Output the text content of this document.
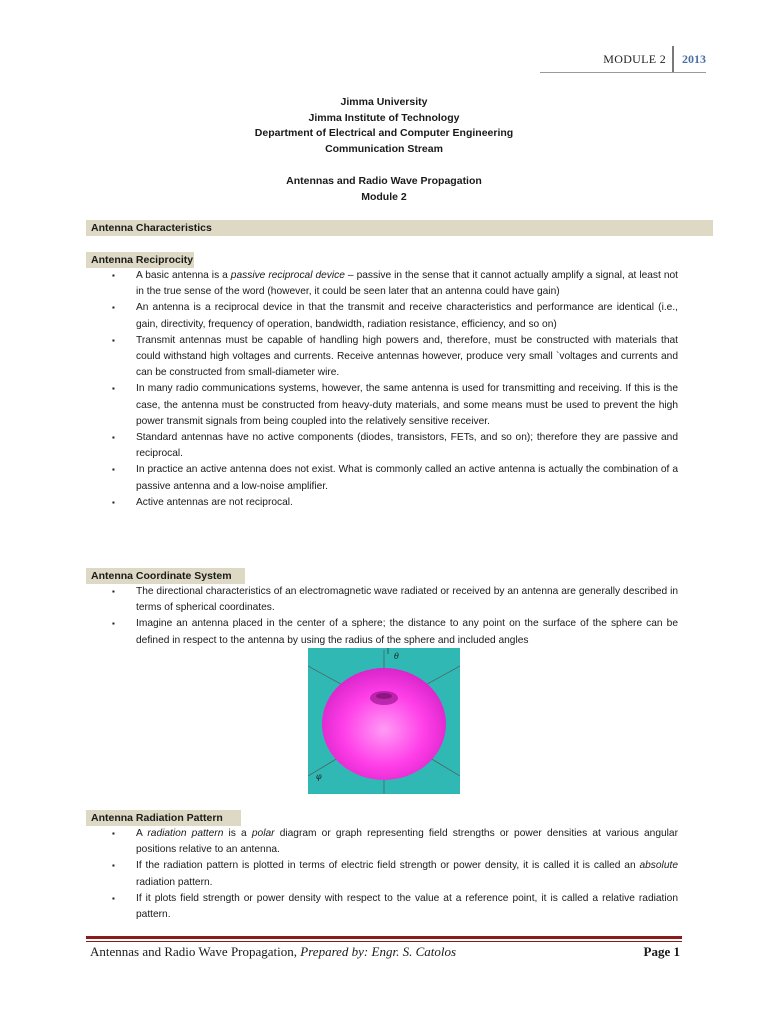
MODULE 2	2013
Jimma University
Jimma Institute of Technology
Department of Electrical and Computer Engineering
Communication Stream
Antennas and Radio Wave Propagation
Module 2
Antenna Characteristics
Antenna Reciprocity
▪ A basic antenna is a passive reciprocal device – passive in the sense that it cannot actually amplify a signal, at least not in the true sense of the word (however, it could be seen later that an antenna could have gain)
▪ An antenna is a reciprocal device in that the transmit and receive characteristics and performance are identical (i.e., gain, directivity, frequency of operation, bandwidth, radiation resistance, efficiency, and so on)
▪ Transmit antennas must be capable of handling high powers and, therefore, must be constructed with materials that could withstand high voltages and currents. Receive antennas however, produce very small `voltages and currents and can be constructed from small-diameter wire.
▪ In many radio communications systems, however, the same antenna is used for transmitting and receiving. If this is the case, the antenna must be constructed from heavy-duty materials, and some means must be used to prevent the high power transmit signals from being coupled into the relatively sensitive receiver.
▪ Standard antennas have no active components (diodes, transistors, FETs, and so on); therefore they are passive and reciprocal.
▪ In practice an active antenna does not exist. What is commonly called an active antenna is actually the combination of a passive antenna and a low-noise amplifier.
▪ Active antennas are not reciprocal.
Antenna Coordinate System
▪ The directional characteristics of an electromagnetic wave radiated or received by an antenna are generally described in terms of spherical coordinates.
▪ Imagine an antenna placed in the center of a sphere; the distance to any point on the surface of the sphere can be defined in respect to the antenna by using the radius of the sphere and included angles
θ
φ
Antenna Radiation Pattern
▪ A radiation pattern is a polar diagram or graph representing field strengths or power densities at various angular positions relative to an antenna.
▪ If the radiation pattern is plotted in terms of electric field strength or power density, it is called it is called an absolute radiation pattern.
▪ If it plots field strength or power density with respect to the value at a reference point, it is called a relative radiation pattern.
Antennas and Radio Wave Propagation, Prepared by: Engr. S. Catolos	Page 1
